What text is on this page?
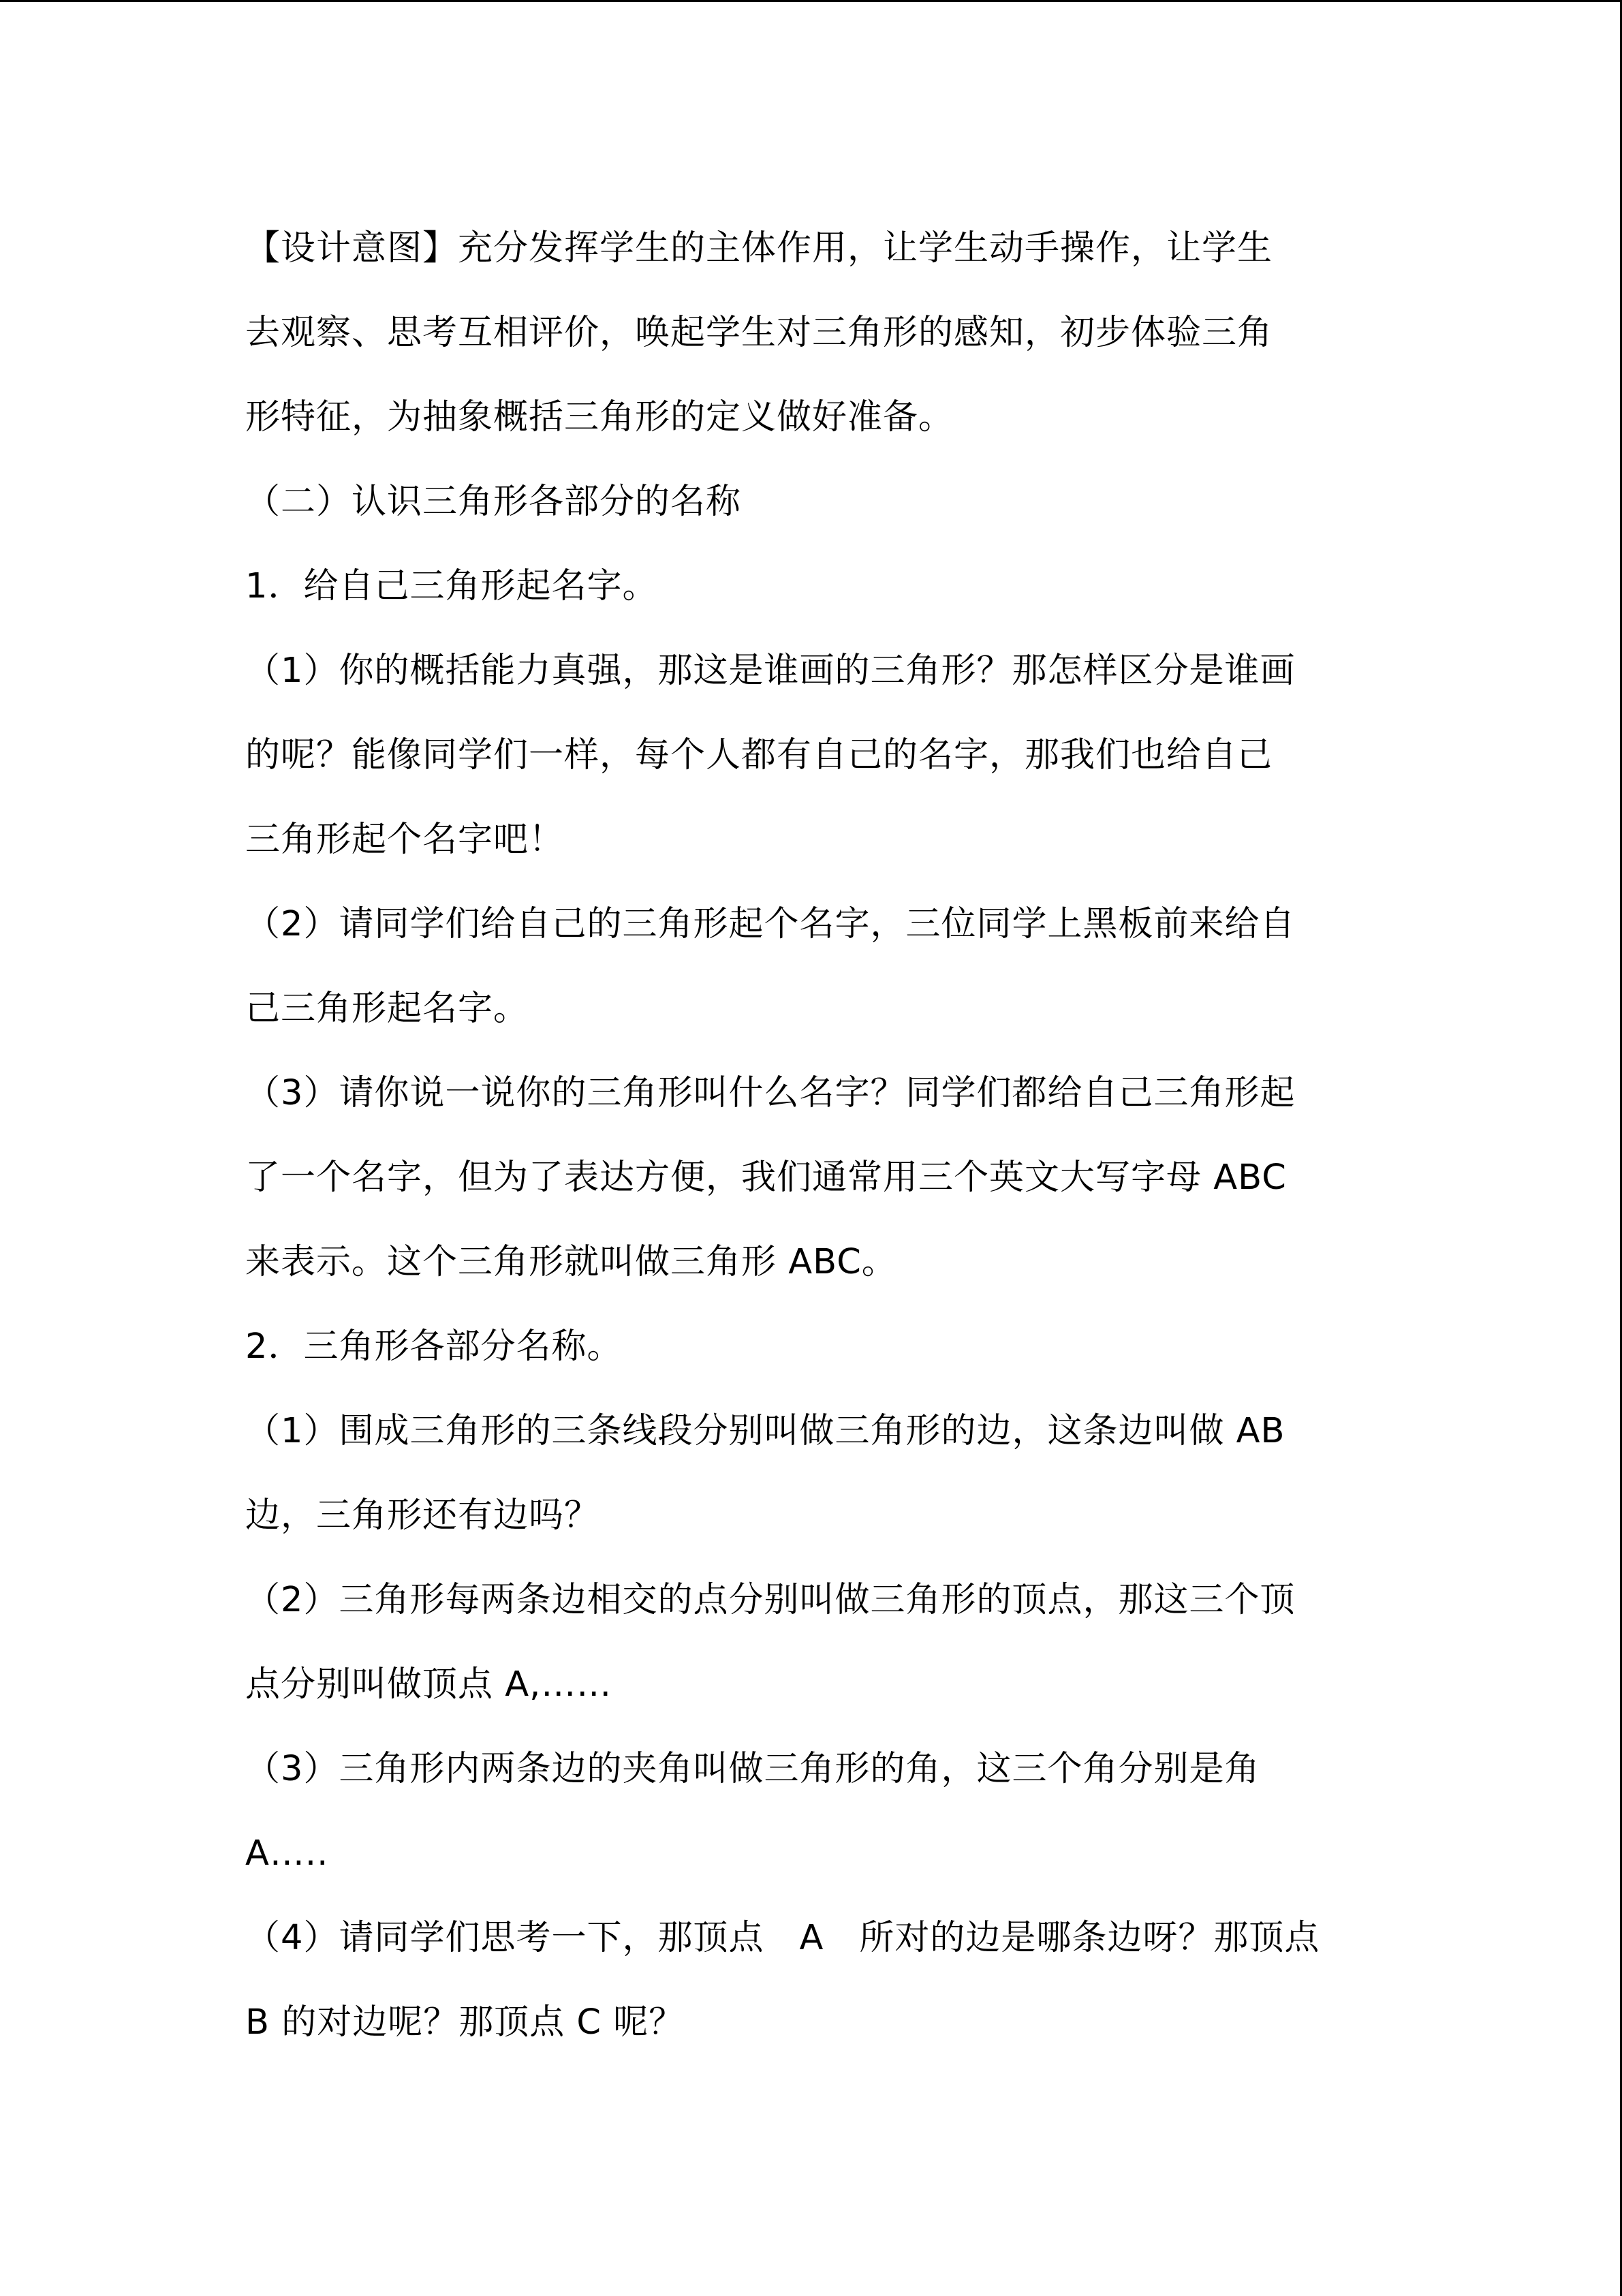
【设计意图】充分发挥学生的主体作用，让学生动手操作，让学生
去观察、思考互相评价，唤起学生对三角形的感知，初步体验三角
形特征，为抽象概括三角形的定义做好准备。
（二）认识三角形各部分的名称
1．给自己三角形起名字。
（1）你的概括能力真强，那这是谁画的三角形？那怎样区分是谁画
的呢？能像同学们一样，每个人都有自己的名字，那我们也给自己
三角形起个名字吧！
（2）请同学们给自己的三角形起个名字，三位同学上黑板前来给自
己三角形起名字。
（3）请你说一说你的三角形叫什么名字？同学们都给自己三角形起
了一个名字，但为了表达方便，我们通常用三个英文大写字母 ABC
来表示。这个三角形就叫做三角形 ABC。
2．三角形各部分名称。
（1）围成三角形的三条线段分别叫做三角形的边，这条边叫做 AB
边，三角形还有边吗？
（2）三角形每两条边相交的点分别叫做三角形的顶点，那这三个顶
点分别叫做顶点 A,……
（3）三角形内两条边的夹角叫做三角形的角，这三个角分别是角
A…..
（4）请同学们思考一下，那顶点　A　所对的边是哪条边呀？那顶点
B 的对边呢？那顶点 C 呢？
